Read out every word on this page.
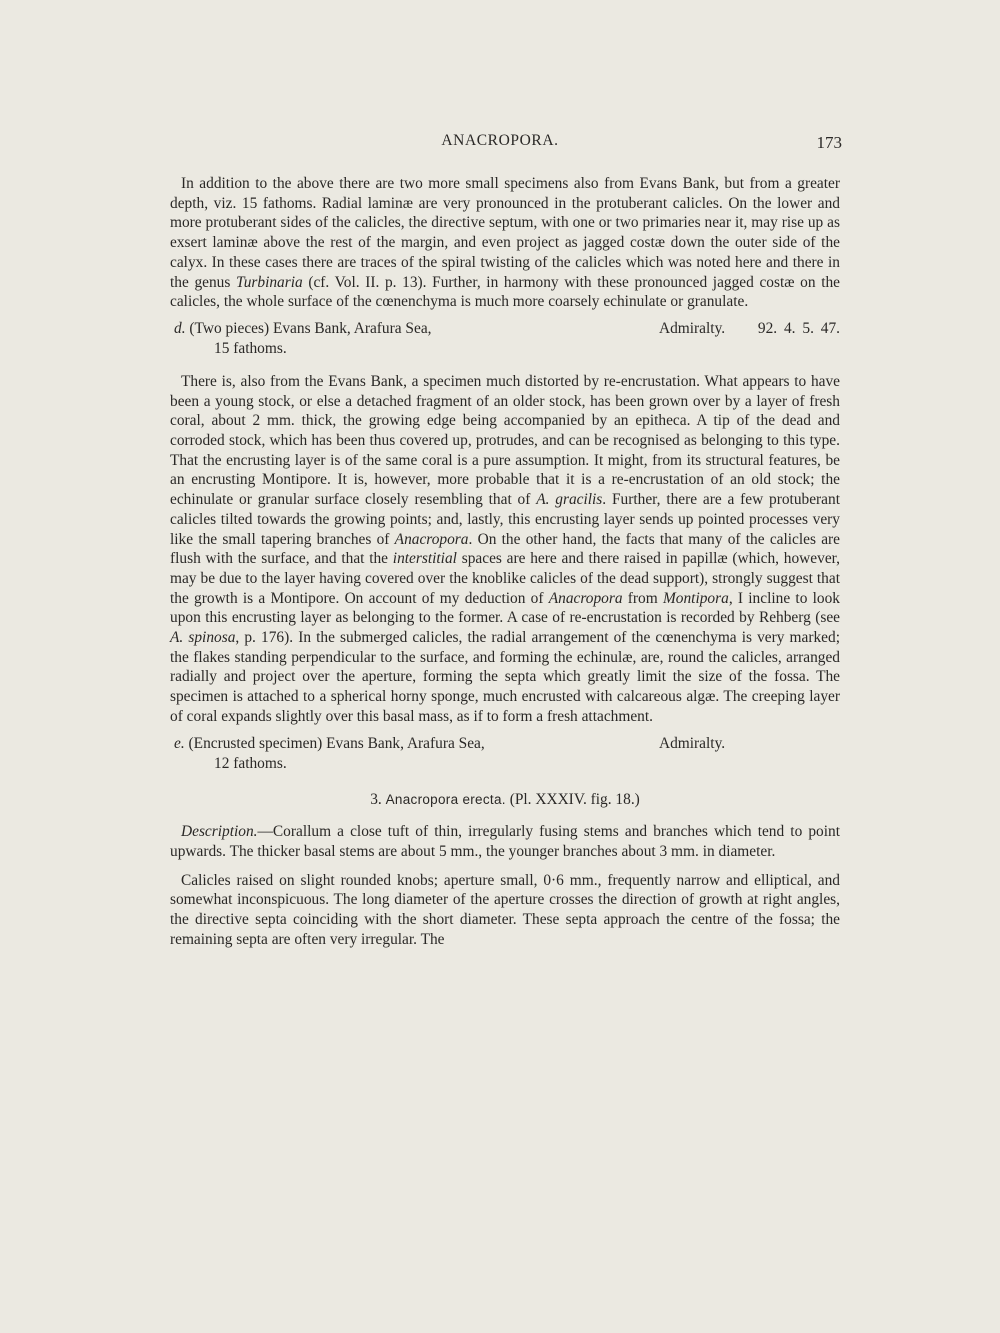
ANACROPORA.	173

In addition to the above there are two more small specimens also from Evans Bank, but from a greater depth, viz. 15 fathoms. Radial laminæ are very pronounced in the protuberant calicles. On the lower and more protuberant sides of the calicles, the directive septum, with one or two primaries near it, may rise up as exsert laminæ above the rest of the margin, and even project as jagged costæ down the outer side of the calyx. In these cases there are traces of the spiral twisting of the calicles which was noted here and there in the genus Turbinaria (cf. Vol. II. p. 13). Further, in harmony with these pronounced jagged costæ on the calicles, the whole surface of the cœnenchyma is much more coarsely echinulate or granulate.

d. (Two pieces) Evans Bank, Arafura Sea,
15 fathoms.
Admiralty. 92. 4. 5. 47.

There is, also from the Evans Bank, a specimen much distorted by re-encrustation. What appears to have been a young stock, or else a detached fragment of an older stock, has been grown over by a layer of fresh coral, about 2 mm. thick, the growing edge being accompanied by an epitheca. A tip of the dead and corroded stock, which has been thus covered up, protrudes, and can be recognised as belonging to this type. That the encrusting layer is of the same coral is a pure assumption. It might, from its structural features, be an encrusting Montipore. It is, however, more probable that it is a re-encrustation of an old stock; the echinulate or granular surface closely resembling that of A. gracilis. Further, there are a few protuberant calicles tilted towards the growing points; and, lastly, this encrusting layer sends up pointed processes very like the small tapering branches of Anacropora. On the other hand, the facts that many of the calicles are flush with the surface, and that the interstitial spaces are here and there raised in papillæ (which, however, may be due to the layer having covered over the knoblike calicles of the dead support), strongly suggest that the growth is a Montipore. On account of my deduction of Anacropora from Montipora, I incline to look upon this encrusting layer as belonging to the former. A case of re-encrustation is recorded by Rehberg (see A. spinosa, p. 176). In the submerged calicles, the radial arrangement of the cœnenchyma is very marked; the flakes standing perpendicular to the surface, and forming the echinulæ, are, round the calicles, arranged radially and project over the aperture, forming the septa which greatly limit the size of the fossa. The specimen is attached to a spherical horny sponge, much encrusted with calcareous algæ. The creeping layer of coral expands slightly over this basal mass, as if to form a fresh attachment.

e. (Encrusted specimen) Evans Bank, Arafura Sea,
12 fathoms.
Admiralty.
3. Anacropora erecta. (Pl. XXXIV. fig. 18.)

Description.—Corallum a close tuft of thin, irregularly fusing stems and branches which tend to point upwards. The thicker basal stems are about 5 mm., the younger branches about 3 mm. in diameter.

Calicles raised on slight rounded knobs; aperture small, 0·6 mm., frequently narrow and elliptical, and somewhat inconspicuous. The long diameter of the aperture crosses the direction of growth at right angles, the directive septa coinciding with the short diameter. These septa approach the centre of the fossa; the remaining septa are often very irregular. The
